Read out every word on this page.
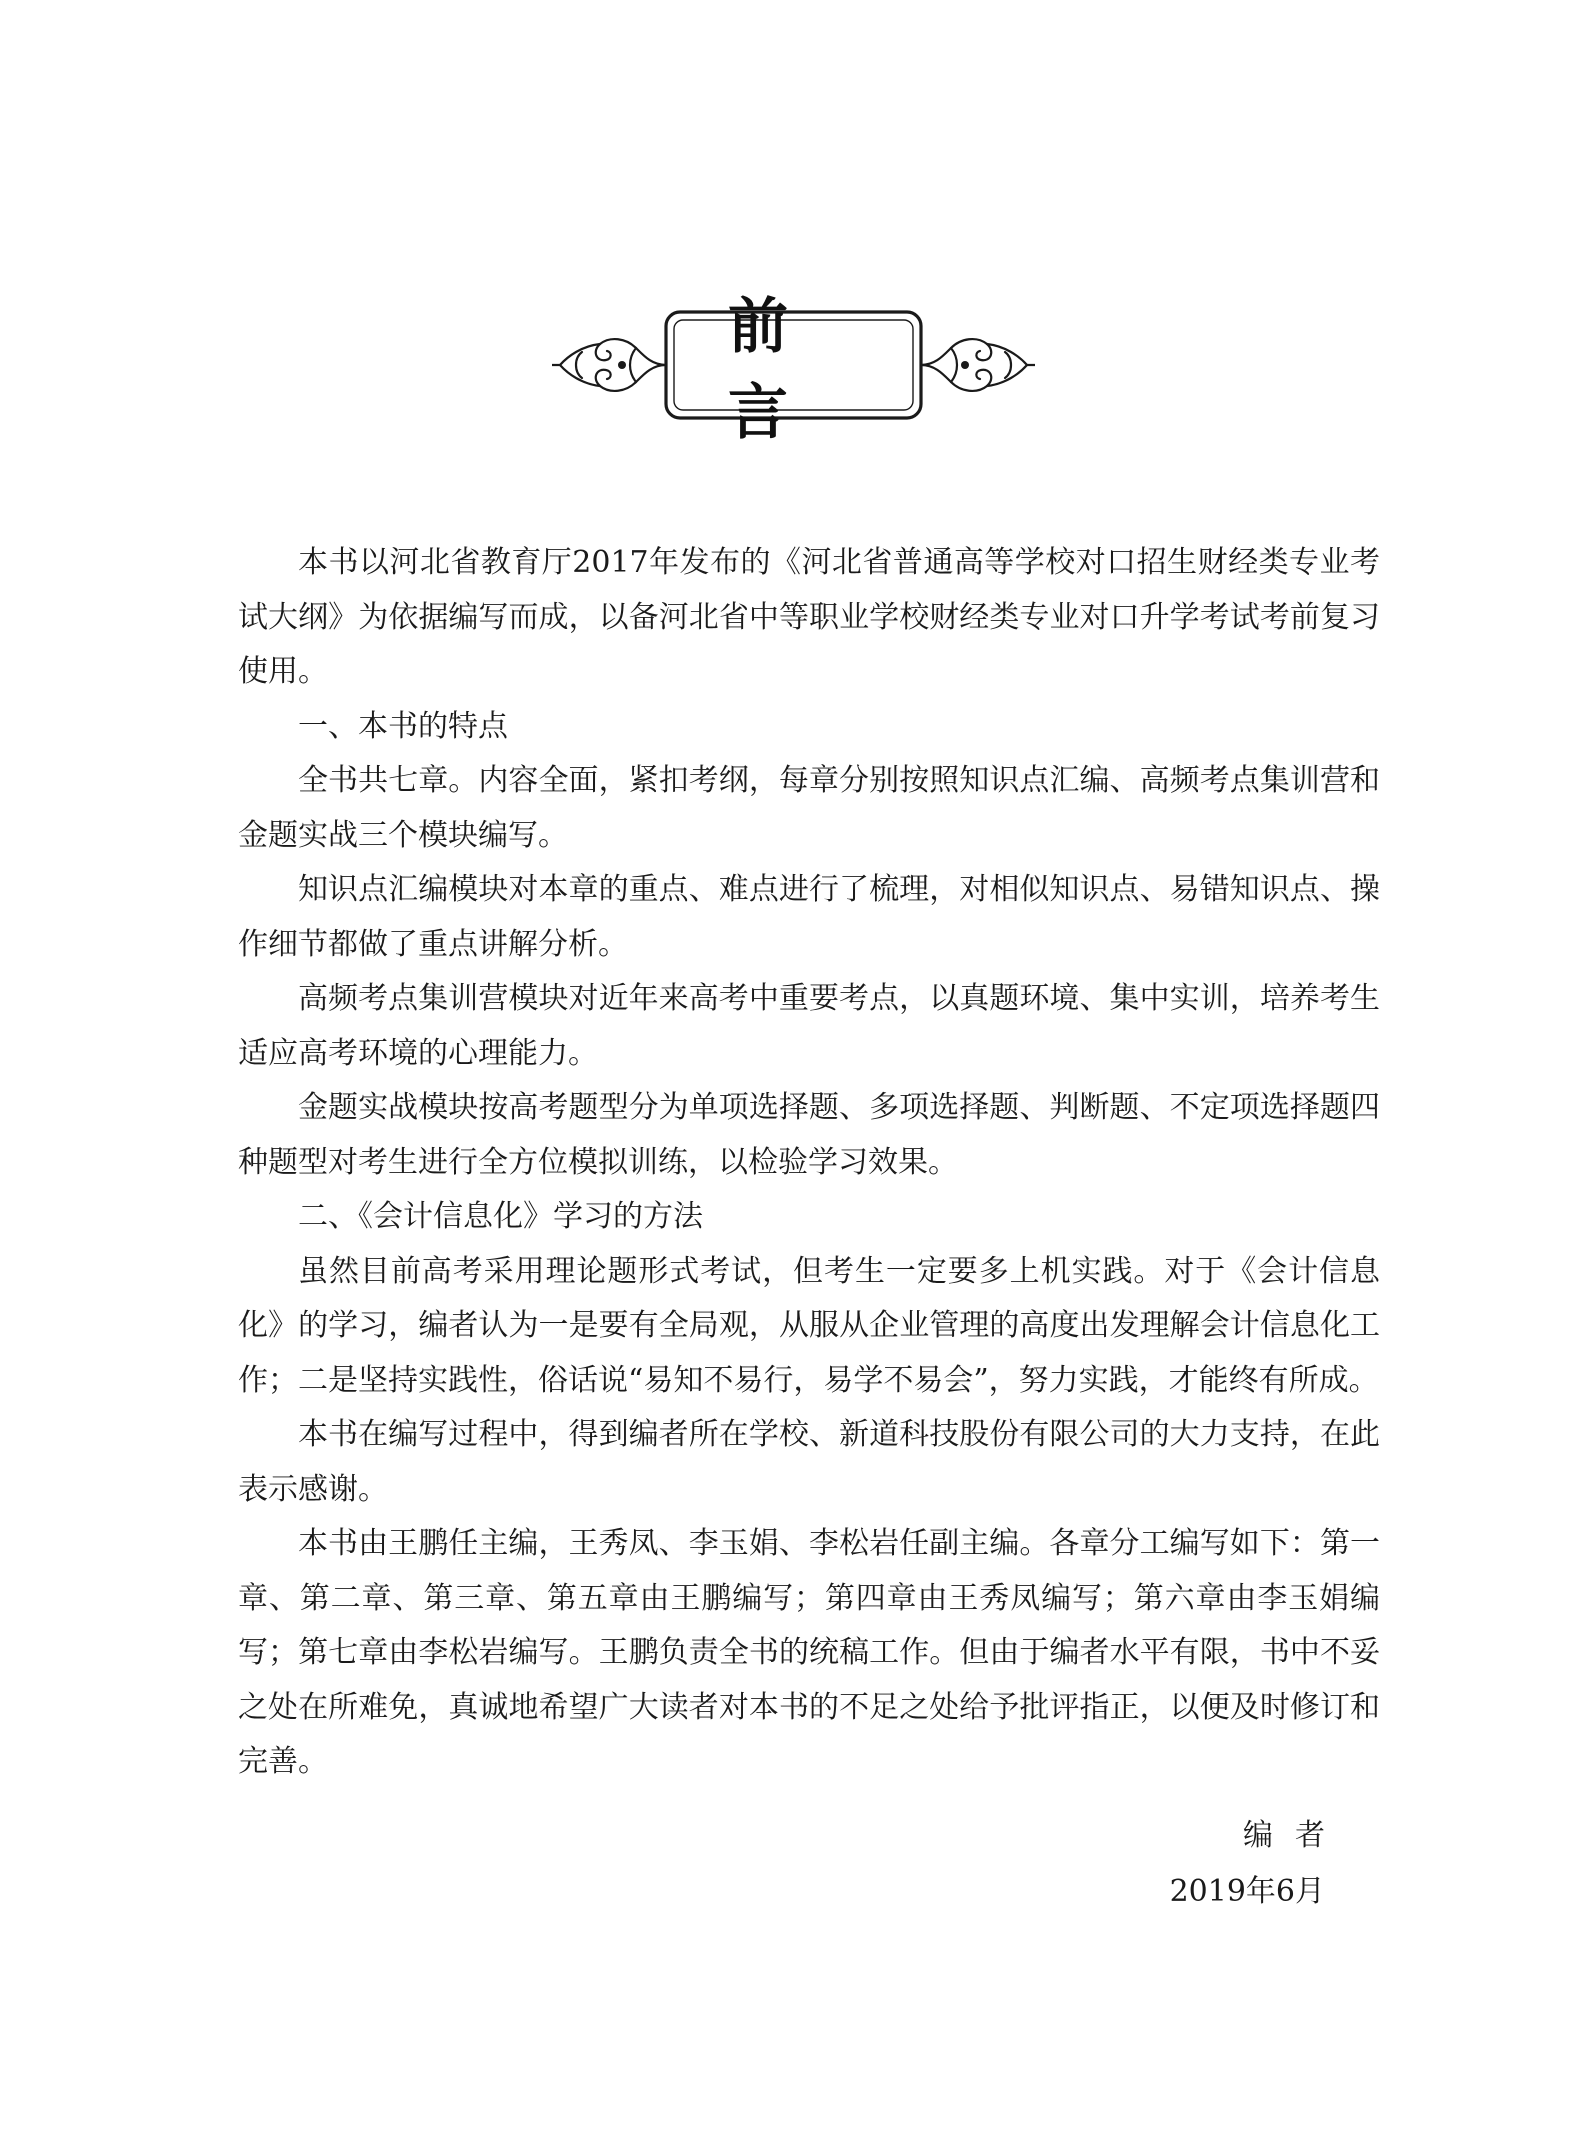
前 言

本书以河北省教育厅2017年发布的《河北省普通高等学校对口招生财经类专业考试大纲》为依据编写而成，以备河北省中等职业学校财经类专业对口升学考试考前复习使用。

一、本书的特点

全书共七章。内容全面，紧扣考纲，每章分别按照知识点汇编、高频考点集训营和金题实战三个模块编写。

知识点汇编模块对本章的重点、难点进行了梳理，对相似知识点、易错知识点、操作细节都做了重点讲解分析。

高频考点集训营模块对近年来高考中重要考点，以真题环境、集中实训，培养考生适应高考环境的心理能力。

金题实战模块按高考题型分为单项选择题、多项选择题、判断题、不定项选择题四种题型对考生进行全方位模拟训练，以检验学习效果。

二、《会计信息化》学习的方法

虽然目前高考采用理论题形式考试，但考生一定要多上机实践。对于《会计信息化》的学习，编者认为一是要有全局观，从服从企业管理的高度出发理解会计信息化工作；二是坚持实践性，俗话说“易知不易行，易学不易会”，努力实践，才能终有所成。

本书在编写过程中，得到编者所在学校、新道科技股份有限公司的大力支持，在此表示感谢。

本书由王鹏任主编，王秀凤、李玉娟、李松岩任副主编。各章分工编写如下：第一章、第二章、第三章、第五章由王鹏编写；第四章由王秀凤编写；第六章由李玉娟编写；第七章由李松岩编写。王鹏负责全书的统稿工作。但由于编者水平有限，书中不妥之处在所难免，真诚地希望广大读者对本书的不足之处给予批评指正，以便及时修订和完善。

编者
2019年6月
